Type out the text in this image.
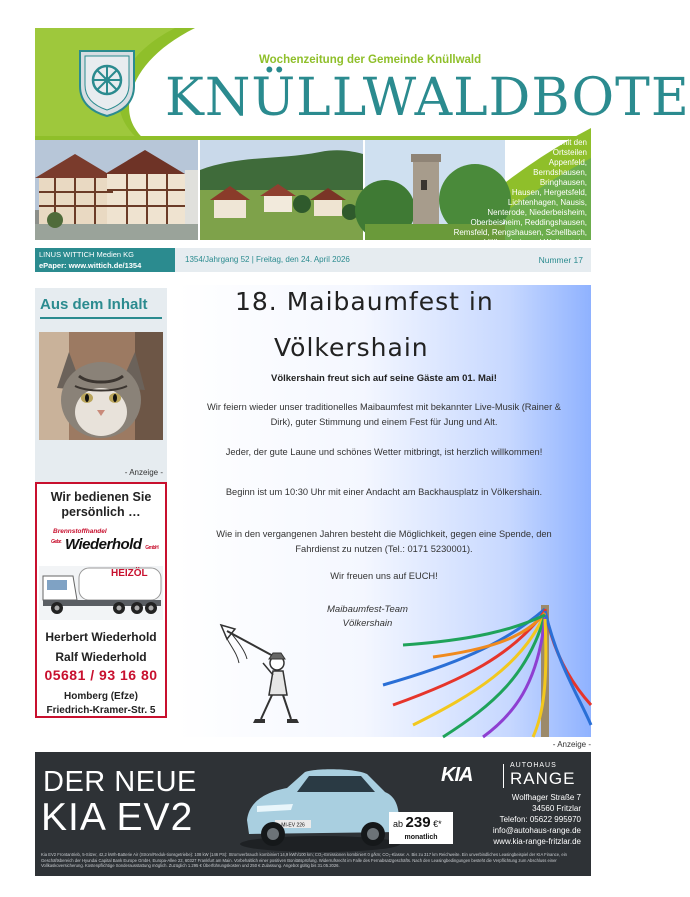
Wochenzeitung der Gemeinde Knüllwald
KNÜLLWALDBOTE
mit den
Ortsteilen
Appenfeld,
Berndshausen,
Bringhausen,
Hausen, Hergetsfeld,
Lichtenhagen, Nausis,
Nenterode, Niederbeisheim,
Oberbeisheim, Reddingshausen,
Remsfeld, Rengshausen, Schellbach,
Völkershain und Wallenstein.
LINUS WITTICH Medien KG
ePaper: www.wittich.de/1354
1354/Jahrgang 52 | Freitag, den 24. April 2026	Nummer 17
Aus dem Inhalt
- Anzeige -
Wir bedienen Sie persönlich …
Brennstoffhandel
$^{Gebr.}$ Wiederhold GmbH
HEIZÖL
Herbert Wiederhold
Ralf Wiederhold
05681 / 93 16 80
Homberg (Efze)
Friedrich-Kramer-Str. 5
18. Maibaumfest in
Völkershain
Völkershain freut sich auf seine Gäste am 01. Mai!
Wir feiern wieder unser traditionelles Maibaumfest mit bekannter Live-Musik (Rainer & Dirk), guter Stimmung und einem Fest für Jung und Alt.
Jeder, der gute Laune und schönes Wetter mitbringt, ist herzlich willkommen!
Beginn ist um 10:30 Uhr mit einer Andacht am Backhausplatz in Völkershain.
Wie in den vergangenen Jahren besteht die Möglichkeit, gegen eine Spende, den Fahrdienst zu nutzen (Tel.: 0171 5230001).
Wir freuen uns auf EUCH!
Maibaumfest-Team
Völkershain
- Anzeige -
DER NEUE
KIA EV2	MI-EV 226	ab 239 €*
monatlich
KIA	AUTOHAUS
RANGE
Wolfhager Straße 7
34560 Fritzlar
Telefon: 05622 995970
info@autohaus-range.de
www.kia-range-fritzlar.de
Kia EV2 Frontantrieb, 5-Sitzer, 42,2 kWh-Batterie Air (Strom/Reduk-tionsgetriebe): 108 kW (146 PS): Stromverbrauch kombiniert 14,9 kWh/100 km; CO₂-Emissionen kombiniert 0 g/km; CO₂-Klasse: A. Bis zu 317 km Reichweite. Ein unverbindliches Leasingbeispiel der KIA Finance, ein Geschäftsbereich der Hyundai Capital Bank Europe GmbH, Europa-Allee 22, 60327 Frankfurt am Main. Vorbehaltlich einer positiven Bonitätsprüfung. Widerrufsrecht im Falle des Fernabsatzgeschäfts. Nach den Leasingbedingungen besteht die Verpflichtung zum Abschluss einer Vollkaskoversicherung. Kostenpflichtige Sonderausstattung möglich. Zuzüglich 1.295 € Überführungskosten und 250 € Zulassung. Angebot gültig bis 31.05.2026.
